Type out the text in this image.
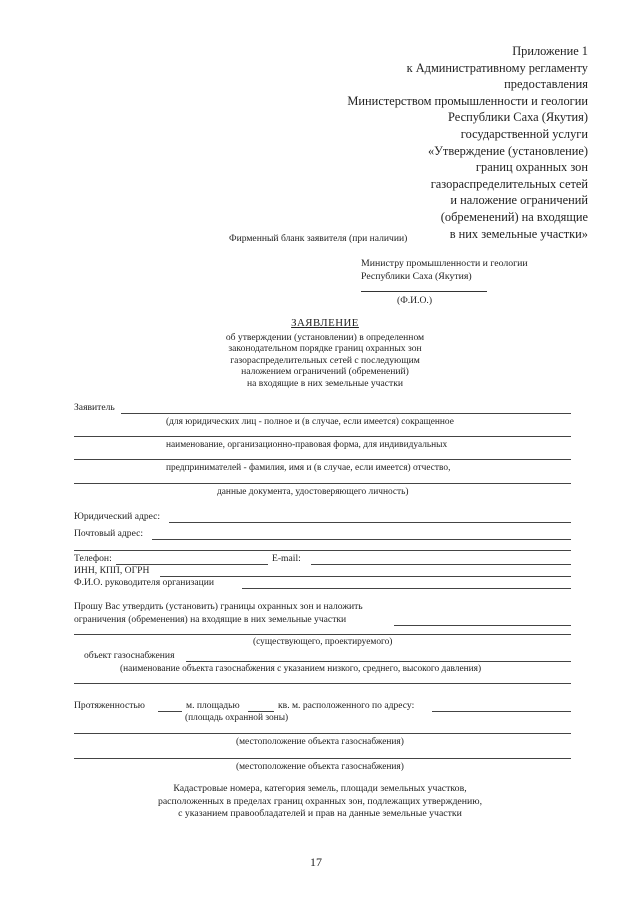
Приложение 1
к Административному регламенту
предоставления
Министерством промышленности и геологии
Республики Саха (Якутия)
государственной услуги
«Утверждение (установление)
границ охранных зон
газораспределительных сетей
и наложение ограничений
(обременений) на входящие
в них земельные участки»
Фирменный бланк заявителя (при наличии)
Министру промышленности и геологии
Республики Саха (Якутия)
(Ф.И.О.)
ЗАЯВЛЕНИЕ
об утверждении (установлении) в определенном
законодательном порядке границ охранных зон
газораспределительных сетей с последующим
наложением ограничений (обременений)
на входящие в них земельные участки
Заявитель
(для юридических лиц - полное и (в случае, если имеется) сокращенное
наименование, организационно-правовая форма, для индивидуальных
предпринимателей - фамилия, имя и (в случае, если имеется) отчество,
данные документа, удостоверяющего личность)
Юридический адрес:
Почтовый адрес:
Телефон:	E-mail:
ИНН, КПП, ОГРН
Ф.И.О. руководителя организации
Прошу Вас утвердить (установить) границы охранных зон и наложить
ограничения (обременения) на входящие в них земельные участки
(существующего, проектируемого)
объект газоснабжения
(наименование объекта газоснабжения с указанием низкого, среднего, высокого давления)
Протяженностью	м. площадью	кв. м. расположенного по адресу:
(площадь охранной зоны)
(местоположение объекта газоснабжения)
(местоположение объекта газоснабжения)
Кадастровые номера, категория земель, площади земельных участков,
расположенных в пределах границ охранных зон, подлежащих утверждению,
с указанием правообладателей и прав на данные земельные участки
17
